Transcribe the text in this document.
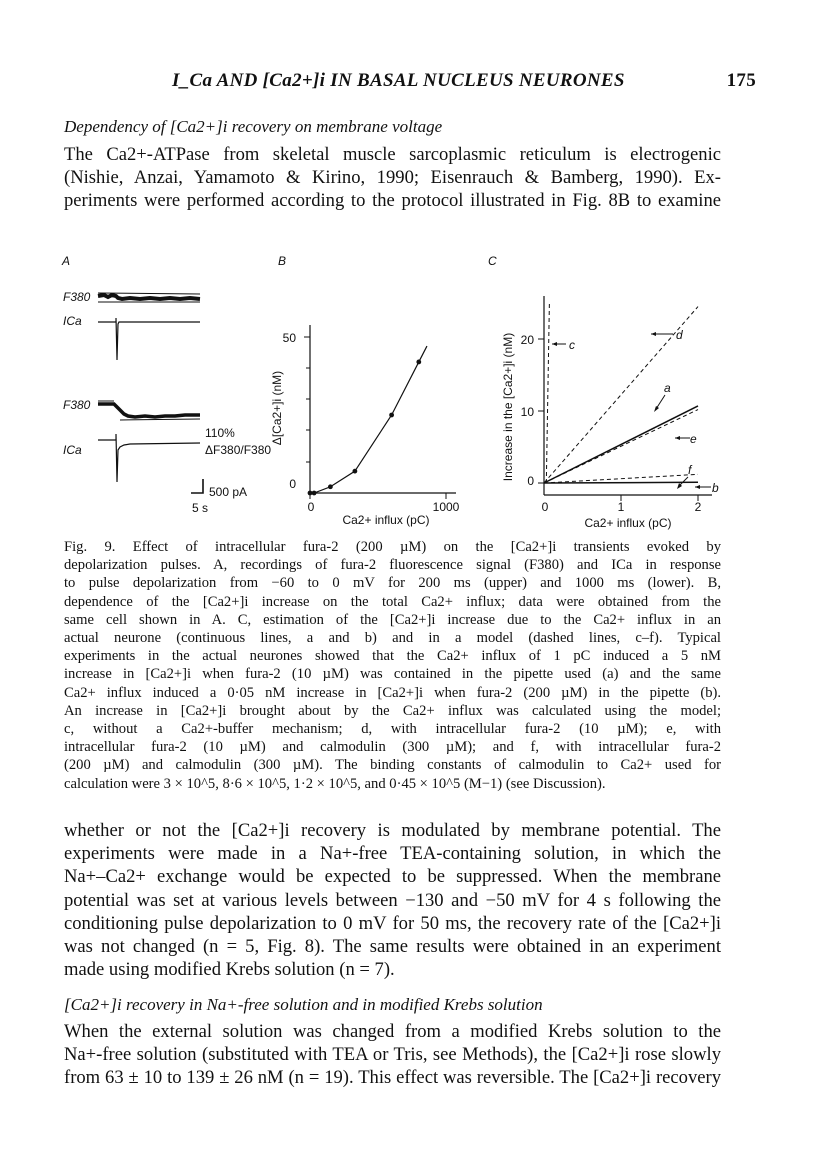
I_Ca AND [Ca2+]i IN BASAL NUCLEUS NEURONES	175
Dependency of [Ca2+]i recovery on membrane voltage

The Ca2+-ATPase from skeletal muscle sarcoplasmic reticulum is electrogenic
(Nishie, Anzai, Yamamoto & Kirino, 1990; Eisenrauch & Bamberg, 1990). Ex-
periments were performed according to the protocol illustrated in Fig. 8B to examine

A
F380
ICa
F380
ICa
110%
ΔF380/F380
500 pA
5 s
B
50
0
0	1000
Ca2+ influx (pC)
Δ[Ca2+]i (nM)
C
20
10
0
0	1	2
Ca2+ influx (pC)
Increase in the [Ca2+]i (nM)	c
d
a
e
f
b

Fig. 9. Effect of intracellular fura-2 (200 µM) on the [Ca2+]i transients evoked by
depolarization pulses. A, recordings of fura-2 fluorescence signal (F380) and ICa in response
to pulse depolarization from −60 to 0 mV for 200 ms (upper) and 1000 ms (lower). B,
dependence of the [Ca2+]i increase on the total Ca2+ influx; data were obtained from the
same cell shown in A. C, estimation of the [Ca2+]i increase due to the Ca2+ influx in an
actual neurone (continuous lines, a and b) and in a model (dashed lines, c–f). Typical
experiments in the actual neurones showed that the Ca2+ influx of 1 pC induced a 5 nM
increase in [Ca2+]i when fura-2 (10 µM) was contained in the pipette used (a) and the same
Ca2+ influx induced a 0·05 nM increase in [Ca2+]i when fura-2 (200 µM) in the pipette (b).
An increase in [Ca2+]i brought about by the Ca2+ influx was calculated using the model;
c, without a Ca2+-buffer mechanism; d, with intracellular fura-2 (10 µM); e, with
intracellular fura-2 (10 µM) and calmodulin (300 µM); and f, with intracellular fura-2
(200 µM) and calmodulin (300 µM). The binding constants of calmodulin to Ca2+ used for
calculation were 3 × 10^5, 8·6 × 10^5, 1·2 × 10^5, and 0·45 × 10^5 (M−1) (see Discussion).

whether or not the [Ca2+]i recovery is modulated by membrane potential. The
experiments were made in a Na+-free TEA-containing solution, in which the
Na+–Ca2+ exchange would be expected to be suppressed. When the membrane
potential was set at various levels between −130 and −50 mV for 4 s following the
conditioning pulse depolarization to 0 mV for 50 ms, the recovery rate of the [Ca2+]i
was not changed (n = 5, Fig. 8). The same results were obtained in an experiment
made using modified Krebs solution (n = 7).

[Ca2+]i recovery in Na+-free solution and in modified Krebs solution

When the external solution was changed from a modified Krebs solution to the
Na+-free solution (substituted with TEA or Tris, see Methods), the [Ca2+]i rose slowly
from 63 ± 10 to 139 ± 26 nM (n = 19). This effect was reversible. The [Ca2+]i recovery
